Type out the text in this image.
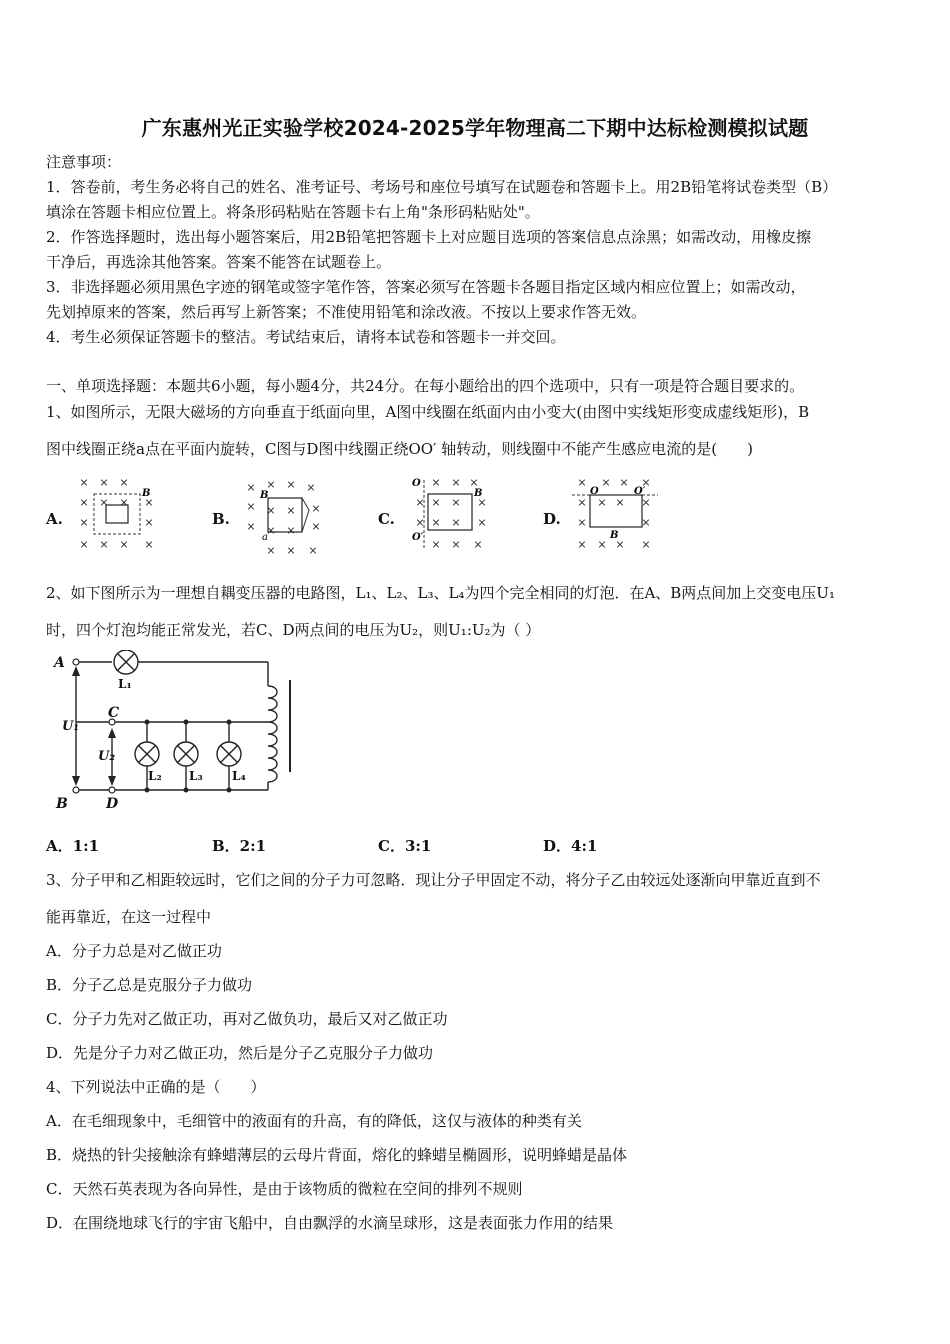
广东惠州光正实验学校2024-2025学年物理高二下期中达标检测模拟试题
注意事项：
1．答卷前，考生务必将自己的姓名、准考证号、考场号和座位号填写在试题卷和答题卡上。用2B铅笔将试卷类型（B）
填涂在答题卡相应位置上。将条形码粘贴在答题卡右上角"条形码粘贴处"。
2．作答选择题时，选出每小题答案后，用2B铅笔把答题卡上对应题目选项的答案信息点涂黑；如需改动，用橡皮擦
干净后，再选涂其他答案。答案不能答在试题卷上。
3．非选择题必须用黑色字迹的钢笔或签字笔作答，答案必须写在答题卡各题目指定区域内相应位置上；如需改动，
先划掉原来的答案，然后再写上新答案；不准使用铅笔和涂改液。不按以上要求作答无效。
4．考生必须保证答题卡的整洁。考试结束后，请将本试卷和答题卡一并交回。
一、单项选择题：本题共6小题，每小题4分，共24分。在每小题给出的四个选项中，只有一项是符合题目要求的。
1、如图所示，无限大磁场的方向垂直于纸面向里，A图中线圈在纸面内由小变大(由图中实线矩形变成虚线矩形)，B
图中线圈正绕a点在平面内旋转，C图与D图中线圈正绕OO′ 轴转动，则线圈中不能产生感应电流的是(　　)
A.	B.	C.	D.
× × ×
× × × ×
×	×
× × × ×
B	× × × ×
× × × ×
× × × ×
× × ×
B
a
× × ×
× × × ×
× × × ×
× × ×
O
O′
B
× × × ×
× × × ×
×	×
× × × ×
O	O′
B
2、如下图所示为一理想自耦变压器的电路图，L₁、L₂、L₃、L₄为四个完全相同的灯泡．在A、B两点间加上交变电压U₁
时，四个灯泡均能正常发光，若C、D两点间的电压为U₂，则U₁:U₂为（ ）
A
B
C
D
U₁
U₂
L₁
L₂ L₃ L₄
A．1:1	B．2:1	C．3:1	D．4:1
3、分子甲和乙相距较远时，它们之间的分子力可忽略．现让分子甲固定不动，将分子乙由较远处逐渐向甲靠近直到不
能再靠近，在这一过程中
A．分子力总是对乙做正功
B．分子乙总是克服分子力做功
C．分子力先对乙做正功，再对乙做负功，最后又对乙做正功
D．先是分子力对乙做正功，然后是分子乙克服分子力做功
4、下列说法中正确的是（　　）
A．在毛细现象中，毛细管中的液面有的升高，有的降低，这仅与液体的种类有关
B．烧热的针尖接触涂有蜂蜡薄层的云母片背面，熔化的蜂蜡呈椭圆形，说明蜂蜡是晶体
C．天然石英表现为各向异性，是由于该物质的微粒在空间的排列不规则
D．在围绕地球飞行的宇宙飞船中，自由飘浮的水滴呈球形，这是表面张力作用的结果
